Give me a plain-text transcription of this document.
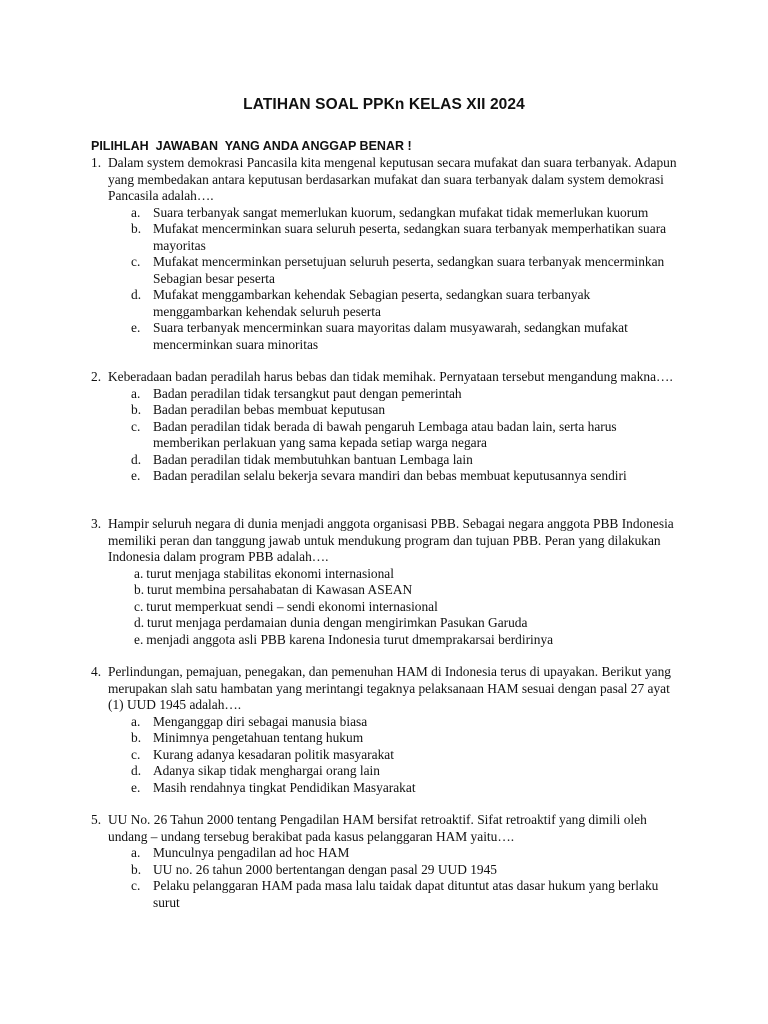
LATIHAN SOAL PPKn KELAS XII 2024
PILIHLAH  JAWABAN  YANG ANDA ANGGAP BENAR !
1. Dalam system demokrasi Pancasila kita mengenal keputusan secara mufakat dan suara terbanyak. Adapun yang membedakan antara keputusan berdasarkan mufakat dan suara terbanyak dalam system demokrasi Pancasila adalah….
a. Suara terbanyak sangat memerlukan kuorum, sedangkan mufakat tidak memerlukan kuorum
b. Mufakat mencerminkan suara seluruh peserta, sedangkan suara terbanyak memperhatikan suara mayoritas
c. Mufakat mencerminkan persetujuan seluruh peserta, sedangkan suara terbanyak mencerminkan Sebagian besar peserta
d. Mufakat menggambarkan kehendak Sebagian peserta, sedangkan suara terbanyak menggambarkan kehendak seluruh peserta
e. Suara terbanyak mencerminkan suara mayoritas dalam musyawarah, sedangkan mufakat mencerminkan suara minoritas
2. Keberadaan badan peradilah harus bebas dan tidak memihak. Pernyataan tersebut mengandung makna….
a. Badan peradilan tidak tersangkut paut dengan pemerintah
b. Badan peradilan bebas membuat keputusan
c. Badan peradilan tidak berada di bawah pengaruh Lembaga atau badan lain, serta harus memberikan perlakuan yang sama kepada setiap warga negara
d. Badan peradilan tidak membutuhkan bantuan Lembaga lain
e. Badan peradilan selalu bekerja sevara mandiri dan bebas membuat keputusannya sendiri
3. Hampir seluruh negara di dunia menjadi anggota organisasi PBB. Sebagai negara anggota PBB Indonesia memiliki peran dan tanggung jawab untuk mendukung program dan tujuan PBB. Peran yang dilakukan Indonesia dalam program PBB adalah….
a. turut menjaga stabilitas ekonomi internasional
b. turut membina persahabatan di Kawasan ASEAN
c. turut memperkuat sendi – sendi ekonomi internasional
d. turut menjaga perdamaian dunia dengan mengirimkan Pasukan Garuda
e. menjadi anggota asli PBB karena Indonesia turut dmemprakarsai berdirinya
4. Perlindungan, pemajuan, penegakan, dan pemenuhan HAM di Indonesia terus di upayakan. Berikut yang merupakan slah satu hambatan yang merintangi tegaknya pelaksanaan HAM sesuai dengan pasal 27 ayat (1) UUD 1945 adalah….
a. Menganggap diri sebagai manusia biasa
b. Minimnya pengetahuan tentang hukum
c. Kurang adanya kesadaran politik masyarakat
d. Adanya sikap tidak menghargai orang lain
e. Masih rendahnya tingkat Pendidikan Masyarakat
5. UU No. 26 Tahun 2000 tentang Pengadilan HAM bersifat retroaktif. Sifat retroaktif yang dimili oleh undang – undang tersebug berakibat pada kasus pelanggaran HAM yaitu….
a. Munculnya pengadilan ad hoc HAM
b. UU no. 26 tahun 2000 bertentangan dengan pasal 29 UUD 1945
c. Pelaku pelanggaran HAM pada masa lalu taidak dapat dituntut atas dasar hukum yang berlaku surut
